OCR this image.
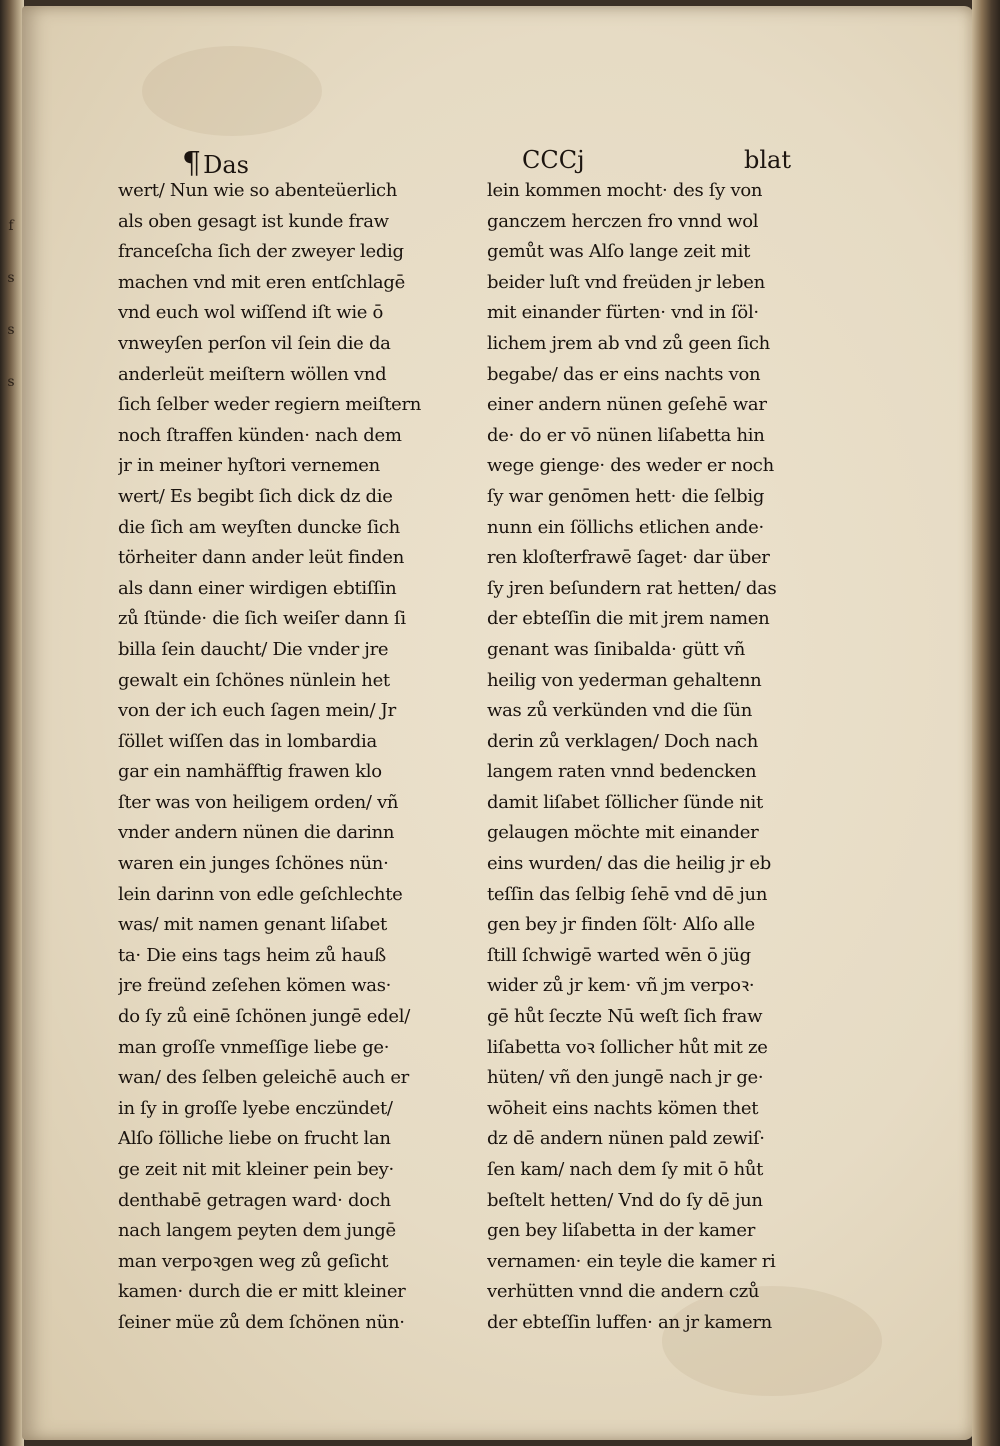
f
s
s
s
¶Das	CCCj	blat
wert/ Nun wie so abenteüerlich
als oben gesagt ist kunde fraw
franceſcha ſich der zweyer ledig
machen vnd mit eren entſchlagē
vnd euch wol wiſſend iſt wie ō
vnweyſen perſon vil ſein die da
anderleüt meiſtern wöllen vnd
ſich ſelber weder regiern meiſtern
noch ſtraffen künden· nach dem
jr in meiner hyſtori vernemen
wert/ Es begibt ſich dick dz die
die ſich am weyſten duncke ſich
törheiter dann ander leüt finden
als dann einer wirdigen ebtiſſin
zů ſtünde· die ſich weiſer dann ſi
billa ſein daucht/ Die vnder jre
gewalt ein ſchönes nünlein het
von der ich euch ſagen mein/ Jr
ſöllet wiſſen das in lombardia
gar ein namhäfftig frawen klo
ſter was von heiligem orden/ vñ
vnder andern nünen die darinn
waren ein junges ſchönes nün·
lein darinn von edle geſchlechte
was/ mit namen genant liſabet
ta· Die eins tags heim zů hauß
jre freünd zeſehen kömen was·
do ſy zů einē ſchönen jungē edel/
man groſſe vnmeſſige liebe ge·
wan/ des ſelben geleichē auch er
in ſy in groſſe lyebe enczündet/
Alſo ſölliche liebe on frucht lan
ge zeit nit mit kleiner pein bey·
denthabē getragen ward· doch
nach langem peyten dem jungē
man verpoꝛgen weg zů geſicht
kamen· durch die er mitt kleiner
ſeiner müe zů dem ſchönen nün·
lein kommen mocht· des ſy von
ganczem herczen fro vnnd wol
gemůt was Alſo lange zeit mit
beider luſt vnd freüden jr leben
mit einander fürten· vnd in ſöl·
lichem jrem ab vnd zů geen ſich
begabe/ das er eins nachts von
einer andern nünen geſehē war
de· do er vō nünen liſabetta hin
wege gienge· des weder er noch
ſy war genōmen hett· die ſelbig
nunn ein ſöllichs etlichen ande·
ren kloſterfrawē ſaget· dar über
ſy jren beſundern rat hetten/ das
der ebteſſin die mit jrem namen
genant was ſinibalda· gütt vñ
heilig von yederman gehaltenn
was zů verkünden vnd die ſün
derin zů verklagen/ Doch nach
langem raten vnnd bedencken
damit liſabet ſöllicher ſünde nit
gelaugen möchte mit einander
eins wurden/ das die heilig jr eb
teſſin das ſelbig ſehē vnd dē jun
gen bey jr finden ſölt· Alſo alle
ſtill ſchwigē warted wēn ō jüg
wider zů jr kem· vñ jm verpoꝛ·
gē hůt ſeczte Nū weſt ſich fraw
liſabetta voꝛ ſollicher hůt mit ze
hüten/ vñ den jungē nach jr ge·
wōheit eins nachts kömen thet
dz dē andern nünen pald zewiſ·
ſen kam/ nach dem ſy mit ō hůt
beſtelt hetten/ Vnd do ſy dē jun
gen bey liſabetta in der kamer
vernamen· ein teyle die kamer ri
verhütten vnnd die andern czů
der ebteſſin luffen· an jr kamern
